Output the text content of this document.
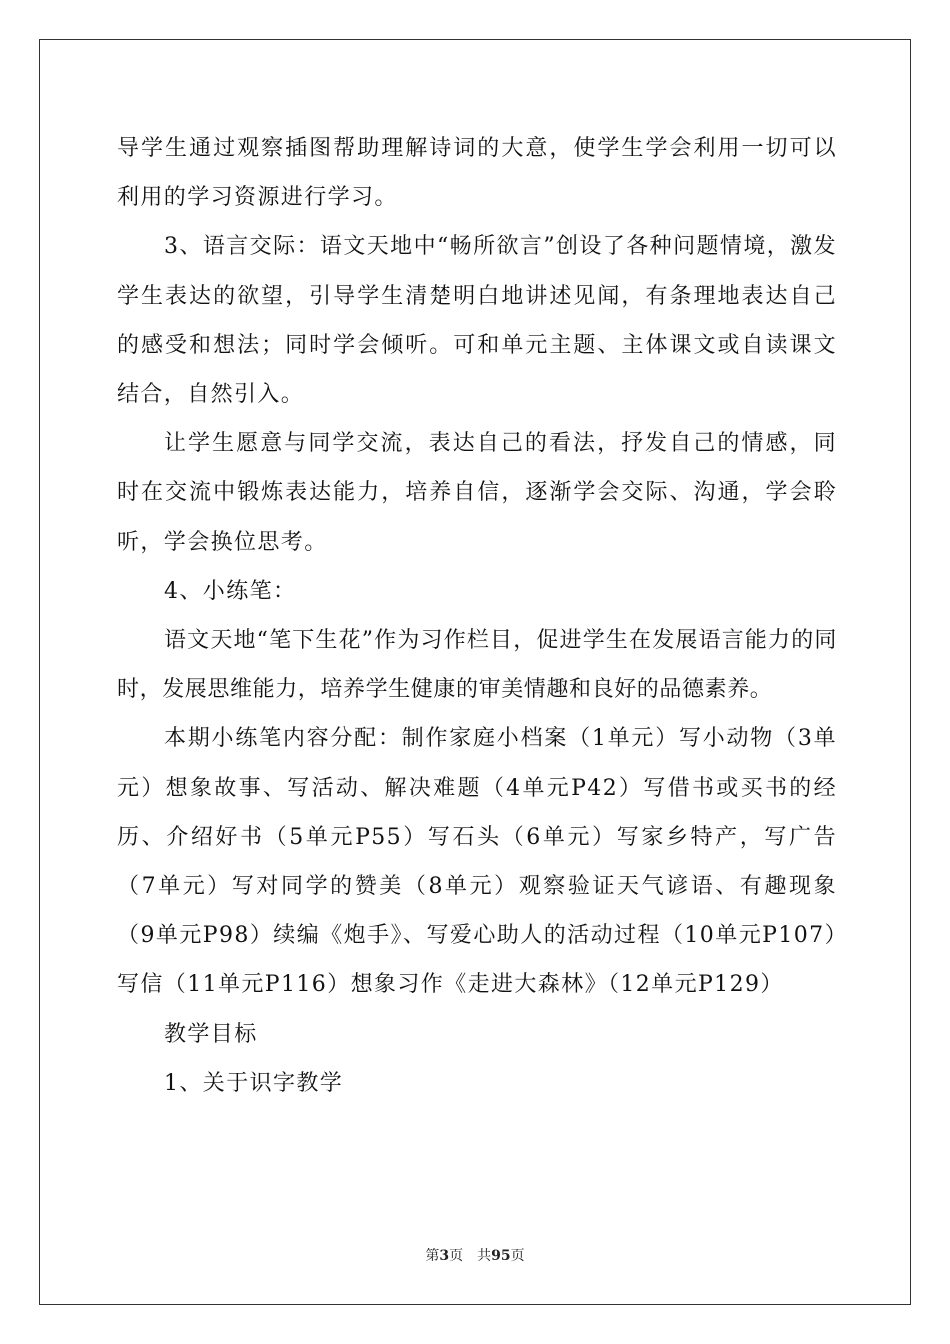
导学生通过观察插图帮助理解诗词的大意，使学生学会利用一切可以利用的学习资源进行学习。

3、语言交际：语文天地中“畅所欲言”创设了各种问题情境，激发学生表达的欲望，引导学生清楚明白地讲述见闻，有条理地表达自己的感受和想法；同时学会倾听。可和单元主题、主体课文或自读课文结合，自然引入。

让学生愿意与同学交流，表达自己的看法，抒发自己的情感，同时在交流中锻炼表达能力，培养自信，逐渐学会交际、沟通，学会聆听，学会换位思考。

4、小练笔：

语文天地“笔下生花”作为习作栏目，促进学生在发展语言能力的同时，发展思维能力，培养学生健康的审美情趣和良好的品德素养。

本期小练笔内容分配：制作家庭小档案（1单元）写小动物（3单元）想象故事、写活动、解决难题（4单元P42）写借书或买书的经历、介绍好书（5单元P55）写石头（6单元）写家乡特产，写广告（7单元）写对同学的赞美（8单元）观察验证天气谚语、有趣现象（9单元P98）续编《炮手》、写爱心助人的活动过程（10单元P107）写信（11单元P116）想象习作《走进大森林》（12单元P129）

教学目标

1、关于识字教学

第3页 共95页
